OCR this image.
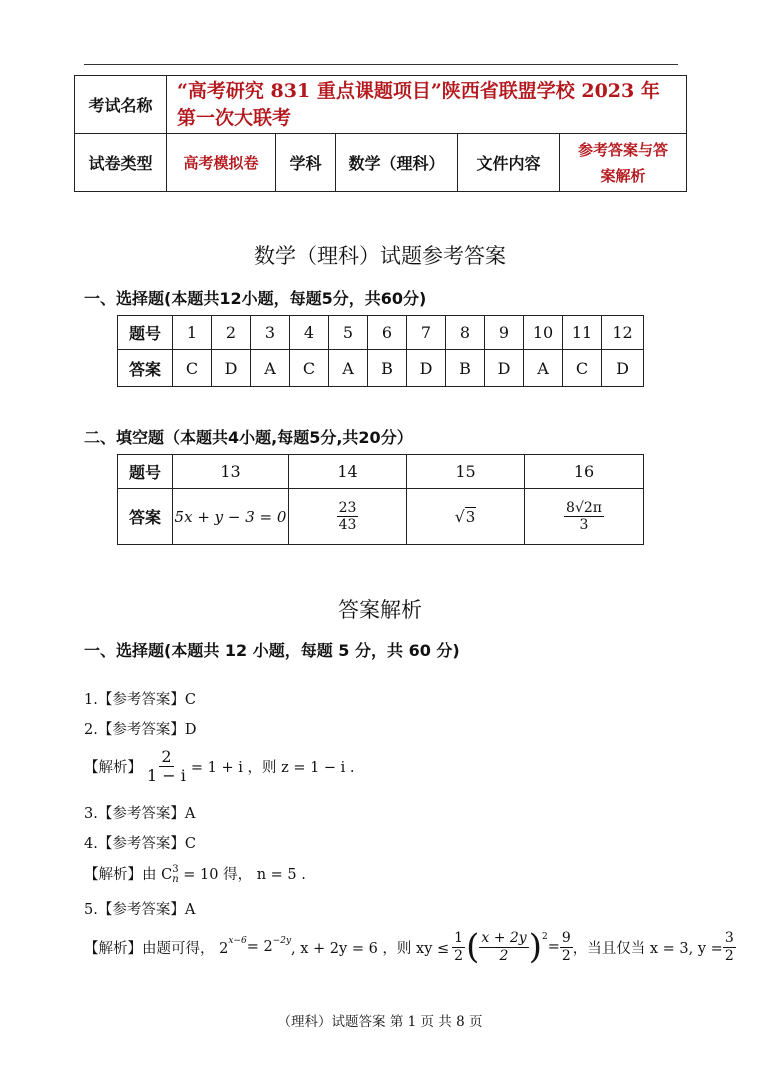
考试名称	“高考研究 831 重点课题项目”陕西省联盟学校 2023 年
第一次大联考				

试卷类型	高考模拟卷	学科	数学（理科）	文件内容	参考答案与答
案解析
数学（理科）试题参考答案
一、选择题(本题共12小题，每题5分，共60分)
题号	1	2	3	4	5	6	7	8	9	10	11	12
答案	C	D	A	C	A	B	D	B	D	A	C	D
二、填空题（本题共4小题,每题5分,共20分）
题号	13	14	15	16
答案	5x + y − 3 = 0	$\frac{23}{43}$	√ 3	$\frac{8√2\pi}{3}$
答案解析
一、选择题(本题共 12 小题，每题 5 分，共 60 分)
1.【参考答案】C
2.【参考答案】D
【解析】 $\frac{2}{1 - i} = 1 + i$ ，则 z = 1 − i .
3.【参考答案】A
4.【参考答案】C
【解析】由 C 3
n = 10 得， n = 5 .
5.【参考答案】A
【解析】 由题可得， $2^{x-6} = 2^{-2y}$ , x + 2y = 6 ，则 xy ≤ $\frac{1}{2}$ ( $\frac{x + 2y}{2} )^2$
= $\frac{9}{2}$ ，当且仅当 x = 3, $y = \frac{3}{2}$
（理科）试题答案 第 1 页 共 8 页
